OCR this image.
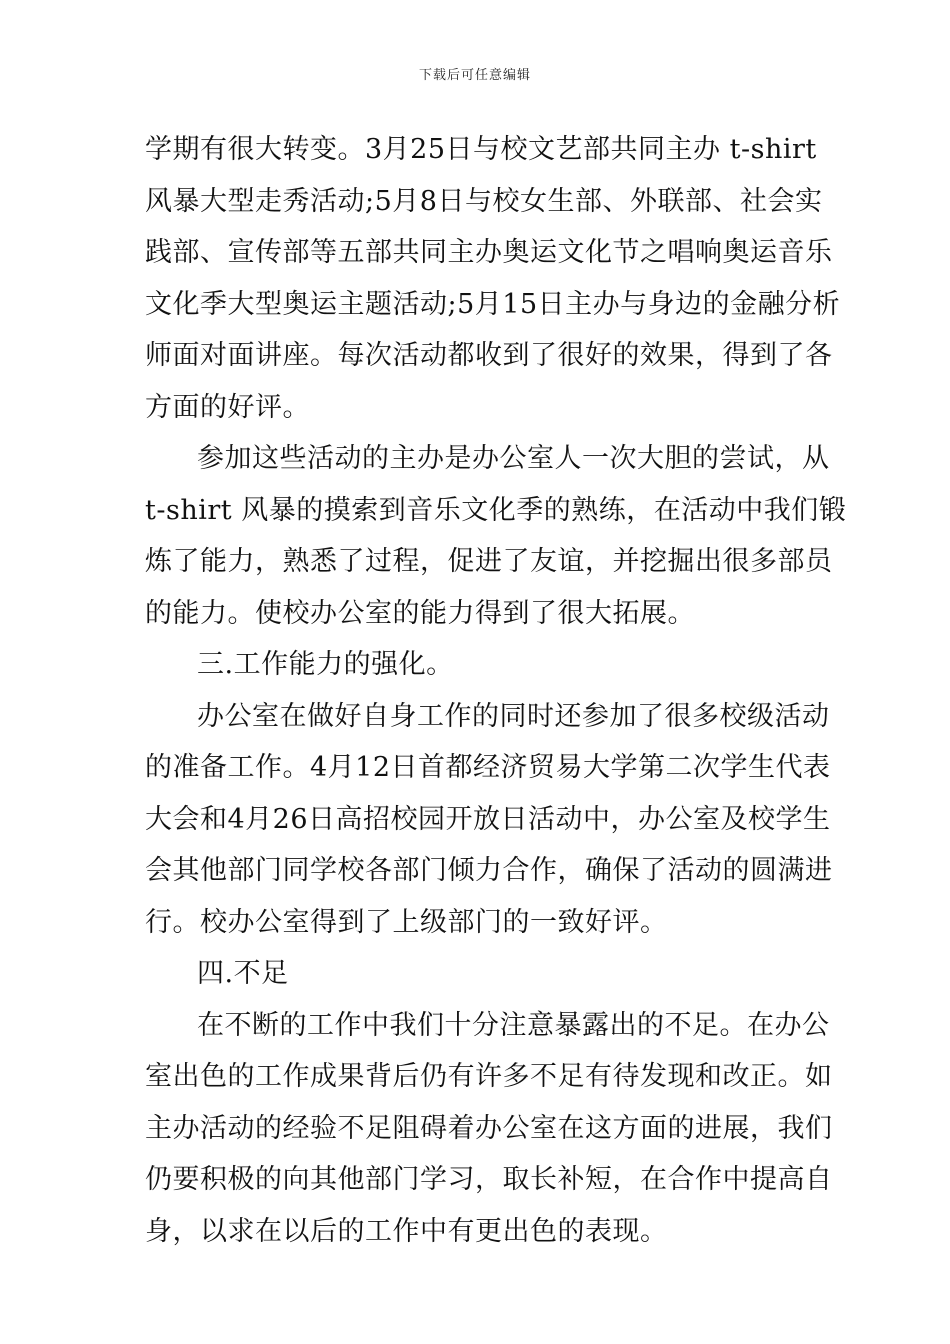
下载后可任意编辑
学期有很大转变。3月25日与校文艺部共同主办 t-shirt
风暴大型走秀活动;5月8日与校女生部、外联部、社会实
践部、宣传部等五部共同主办奥运文化节之唱响奥运音乐
文化季大型奥运主题活动;5月15日主办与身边的金融分析
师面对面讲座。每次活动都收到了很好的效果，得到了各
方面的好评。
参加这些活动的主办是办公室人一次大胆的尝试，从
t-shirt 风暴的摸索到音乐文化季的熟练，在活动中我们锻
炼了能力，熟悉了过程，促进了友谊，并挖掘出很多部员
的能力。使校办公室的能力得到了很大拓展。
三.工作能力的强化。
办公室在做好自身工作的同时还参加了很多校级活动
的准备工作。4月12日首都经济贸易大学第二次学生代表
大会和4月26日高招校园开放日活动中，办公室及校学生
会其他部门同学校各部门倾力合作，确保了活动的圆满进
行。校办公室得到了上级部门的一致好评。
四.不足
在不断的工作中我们十分注意暴露出的不足。在办公
室出色的工作成果背后仍有许多不足有待发现和改正。如
主办活动的经验不足阻碍着办公室在这方面的进展，我们
仍要积极的向其他部门学习，取长补短，在合作中提高自
身，以求在以后的工作中有更出色的表现。
